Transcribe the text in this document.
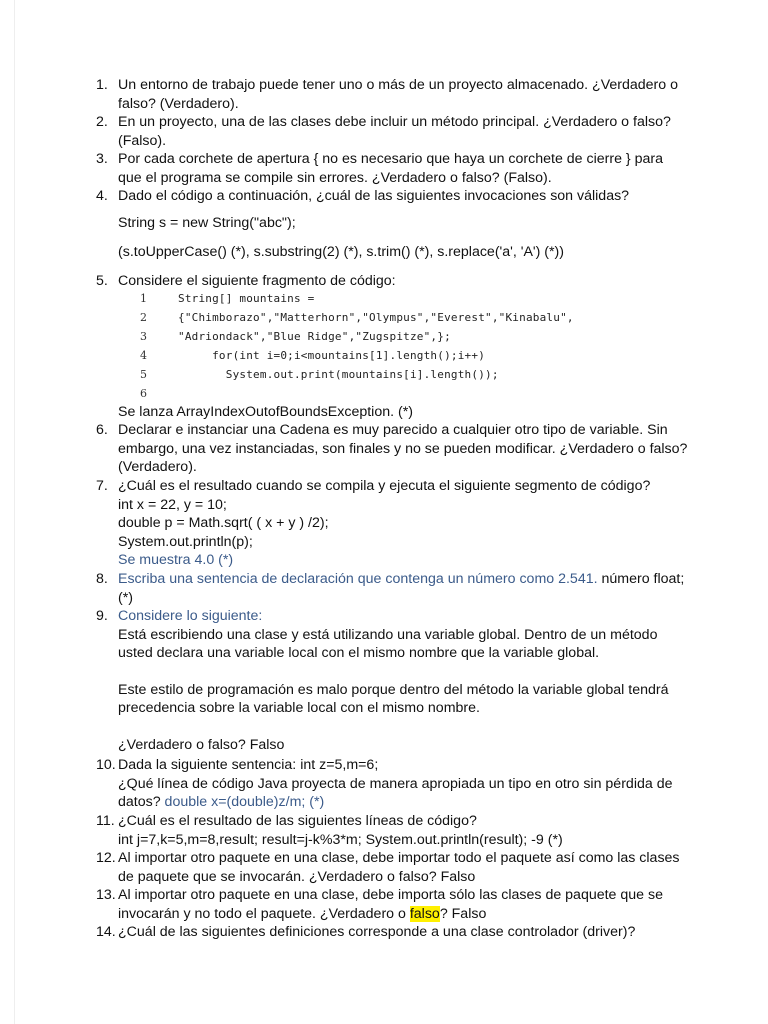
1. Un entorno de trabajo puede tener uno o más de un proyecto almacenado. ¿Verdadero o
falso? (Verdadero).
2. En un proyecto, una de las clases debe incluir un método principal. ¿Verdadero o falso?
(Falso).
3. Por cada corchete de apertura { no es necesario que haya un corchete de cierre } para
que el programa se compile sin errores. ¿Verdadero o falso? (Falso).
4. Dado el código a continuación, ¿cuál de las siguientes invocaciones son válidas?
String s = new String("abc");
(s.toUpperCase() (*), s.substring(2) (*), s.trim() (*), s.replace('a', 'A') (*))
5. Considere el siguiente fragmento de código:
1	String[] mountains =
2	{"Chimborazo","Matterhorn","Olympus","Everest","Kinabalu",
3	"Adriondack","Blue Ridge","Zugspitze",};
4	for(int i=0;i<mountains[1].length();i++)
5	System.out.print(mountains[i].length());
6
Se lanza ArrayIndexOutofBoundsException. (*)
6. Declarar e instanciar una Cadena es muy parecido a cualquier otro tipo de variable. Sin
embargo, una vez instanciadas, son finales y no se pueden modificar. ¿Verdadero o falso?
(Verdadero).
7. ¿Cuál es el resultado cuando se compila y ejecuta el siguiente segmento de código?
int x = 22, y = 10;
double p = Math.sqrt( ( x + y ) /2);
System.out.println(p);
Se muestra 4.0 (*)
8. Escriba una sentencia de declaración que contenga un número como 2.541. número float;
(*)
9. Considere lo siguiente:
Está escribiendo una clase y está utilizando una variable global. Dentro de un método
usted declara una variable local con el mismo nombre que la variable global.
Este estilo de programación es malo porque dentro del método la variable global tendrá
precedencia sobre la variable local con el mismo nombre.
¿Verdadero o falso? Falso
10. Dada la siguiente sentencia: int z=5,m=6;
¿Qué línea de código Java proyecta de manera apropiada un tipo en otro sin pérdida de
datos? double x=(double)z/m; (*)
11. ¿Cuál es el resultado de las siguientes líneas de código?
int j=7,k=5,m=8,result; result=j-k%3*m; System.out.println(result); -9 (*)
12. Al importar otro paquete en una clase, debe importar todo el paquete así como las clases
de paquete que se invocarán. ¿Verdadero o falso? Falso
13. Al importar otro paquete en una clase, debe importa sólo las clases de paquete que se
invocarán y no todo el paquete. ¿Verdadero o falso? Falso
14. ¿Cuál de las siguientes definiciones corresponde a una clase controlador (driver)?
